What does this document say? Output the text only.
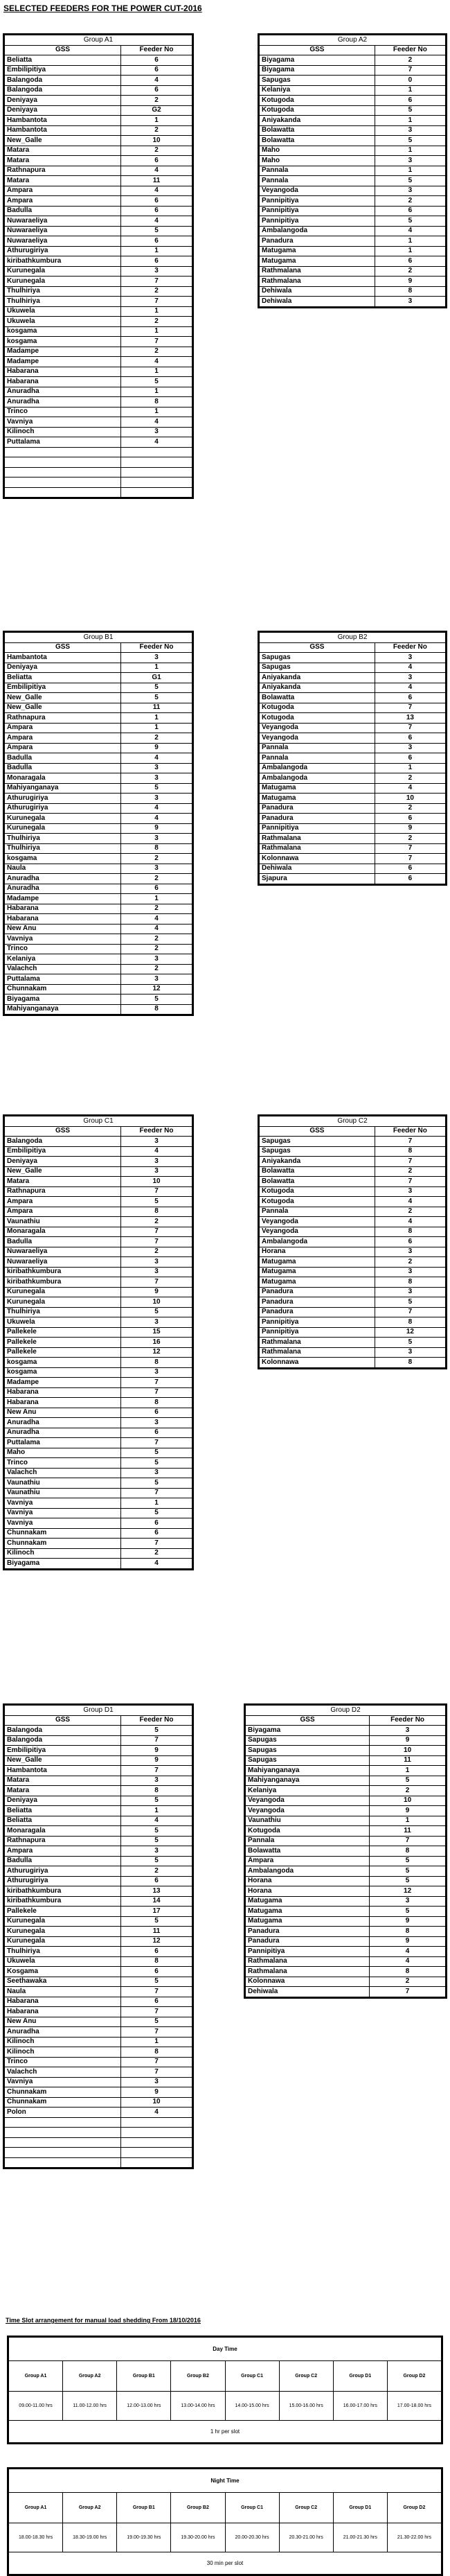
SELECTED FEEDERS FOR THE POWER CUT-2016
Group A1	
GSS	Feeder No
Beliatta	6
Embilipitiya	6
Balangoda	4
Balangoda	6
Deniyaya	2
Deniyaya	G2
Hambantota	1
Hambantota	2
New_Galle	10
Matara	2
Matara	6
Rathnapura	4
Matara	11
Ampara	4
Ampara	6
Badulla	6
Nuwaraeliya	4
Nuwaraeliya	5
Nuwaraeliya	6
Athurugiriya	1
kiribathkumbura	6
Kurunegala	3
Kurunegala	7
Thulhiriya	2
Thulhiriya	7
Ukuwela	1
Ukuwela	2
kosgama	1
kosgama	7
Madampe	2
Madampe	4
Habarana	1
Habarana	5
Anuradha	1
Anuradha	8
Trinco	1
Vavniya	4
Kilinoch	3
Puttalama	4

Group A2	
GSS	Feeder No
Biyagama	2
Biyagama	7
Sapugas	0
Kelaniya	1
Kotugoda	6
Kotugoda	5
Aniyakanda	1
Bolawatta	3
Bolawatta	5
Maho	1
Maho	3
Pannala	1
Pannala	5
Veyangoda	3
Pannipitiya	2
Pannipitiya	6
Pannipitiya	5
Ambalangoda	4
Panadura	1
Matugama	1
Matugama	6
Rathmalana	2
Rathmalana	9
Dehiwala	8
Dehiwala	3
Group B1	
GSS	Feeder No
Hambantota	3
Deniyaya	1
Beliatta	G1
Embilipitiya	5
New_Galle	5
New_Galle	11
Rathnapura	1
Ampara	1
Ampara	2
Ampara	9
Badulla	4
Badulla	3
Monaragala	3
Mahiyanganaya	5
Athurugiriya	3
Athurugiriya	4
Kurunegala	4
Kurunegala	9
Thulhiriya	3
Thulhiriya	8
kosgama	2
Naula	3
Anuradha	2
Anuradha	6
Madampe	1
Habarana	2
Habarana	4
New Anu	4
Vavniya	2
Trinco	2
Kelaniya	3
Valachch	2
Puttalama	3
Chunnakam	12
Biyagama	5
Mahiyanganaya	8
Group B2	
GSS	Feeder No
Sapugas	3
Sapugas	4
Aniyakanda	3
Aniyakanda	4
Bolawatta	6
Kotugoda	7
Kotugoda	13
Veyangoda	7
Veyangoda	6
Pannala	3
Pannala	6
Ambalangoda	1
Ambalangoda	2
Matugama	4
Matugama	10
Panadura	2
Panadura	6
Pannipitiya	9
Rathmalana	2
Rathmalana	7
Kolonnawa	7
Dehiwala	6
Sjapura	6
Group C1	
GSS	Feeder No
Balangoda	3
Embilipitiya	4
Deniyaya	3
New_Galle	3
Matara	10
Rathnapura	7
Ampara	5
Ampara	8
Vaunathiu	2
Monaragala	7
Badulla	7
Nuwaraeliya	2
Nuwaraeliya	3
kiribathkumbura	3
kiribathkumbura	7
Kurunegala	9
Kurunegala	10
Thulhiriya	5
Ukuwela	3
Pallekele	15
Pallekele	16
Pallekele	12
kosgama	8
kosgama	3
Madampe	7
Habarana	7
Habarana	8
New Anu	6
Anuradha	3
Anuradha	6
Puttalama	7
Maho	5
Trinco	5
Valachch	3
Vaunathiu	5
Vaunathiu	7
Vavniya	1
Vavniya	5
Vavniya	6
Chunnakam	6
Chunnakam	7
Kilinoch	2
Biyagama	4
Group C2	
GSS	Feeder No
Sapugas	7
Sapugas	8
Aniyakanda	7
Bolawatta	2
Bolawatta	7
Kotugoda	3
Kotugoda	4
Pannala	2
Veyangoda	4
Veyangoda	8
Ambalangoda	6
Horana	3
Matugama	2
Matugama	3
Matugama	8
Panadura	3
Panadura	5
Panadura	7
Pannipitiya	8
Pannipitiya	12
Rathmalana	5
Rathmalana	3
Kolonnawa	8
Group D1	
GSS	Feeder No
Balangoda	5
Balangoda	7
Embilipitiya	9
New_Galle	9
Hambantota	7
Matara	3
Matara	8
Deniyaya	5
Beliatta	1
Beliatta	4
Monaragala	5
Rathnapura	5
Ampara	3
Badulla	5
Athurugiriya	2
Athurugiriya	6
kiribathkumbura	13
kiribathkumbura	14
Pallekele	17
Kurunegala	5
Kurunegala	11
Kurunegala	12
Thulhiriya	6
Ukuwela	8
Kosgama	6
Seethawaka	5
Naula	7
Habarana	6
Habarana	7
New Anu	5
Anuradha	7
Kilinoch	1
Kilinoch	8
Trinco	7
Valachch	7
Vavniya	3
Chunnakam	9
Chunnakam	10
Polon	4

Group D2	
GSS	Feeder No
Biyagama	3
Sapugas	9
Sapugas	10
Sapugas	11
Mahiyanganaya	1
Mahiyanganaya	5
Kelaniya	2
Veyangoda	10
Veyangoda	9
Vaunathiu	1
Kotugoda	11
Pannala	7
Bolawatta	8
Ampara	5
Ambalangoda	5
Horana	5
Horana	12
Matugama	3
Matugama	5
Matugama	9
Panadura	8
Panadura	9
Pannipitiya	4
Rathmalana	4
Rathmalana	8
Kolonnawa	2
Dehiwala	7
Time Slot arrangement for manual load shedding From 18/10/2016
Day Time							
Group A1	Group A2	Group B1	Group B2	Group C1	Group C2	Group D1	Group D2
09.00-11.00 hrs	11.00-12.00 hrs	12.00-13.00 hrs	13.00-14.00 hrs	14.00-15.00 hrs	15.00-16.00 hrs	16.00-17.00 hrs	17.00-18.00 hrs
1 hr per slot							
Night Time							
Group A1	Group A2	Group B1	Group B2	Group C1	Group C2	Group D1	Group D2
18.00-18.30 hrs	18.30-19.00 hrs	19.00-19.30 hrs	19.30-20.00 hrs	20.00-20.30 hrs	20.30-21.00 hrs	21.00-21.30 hrs	21.30-22.00 hrs
30 min per slot							
